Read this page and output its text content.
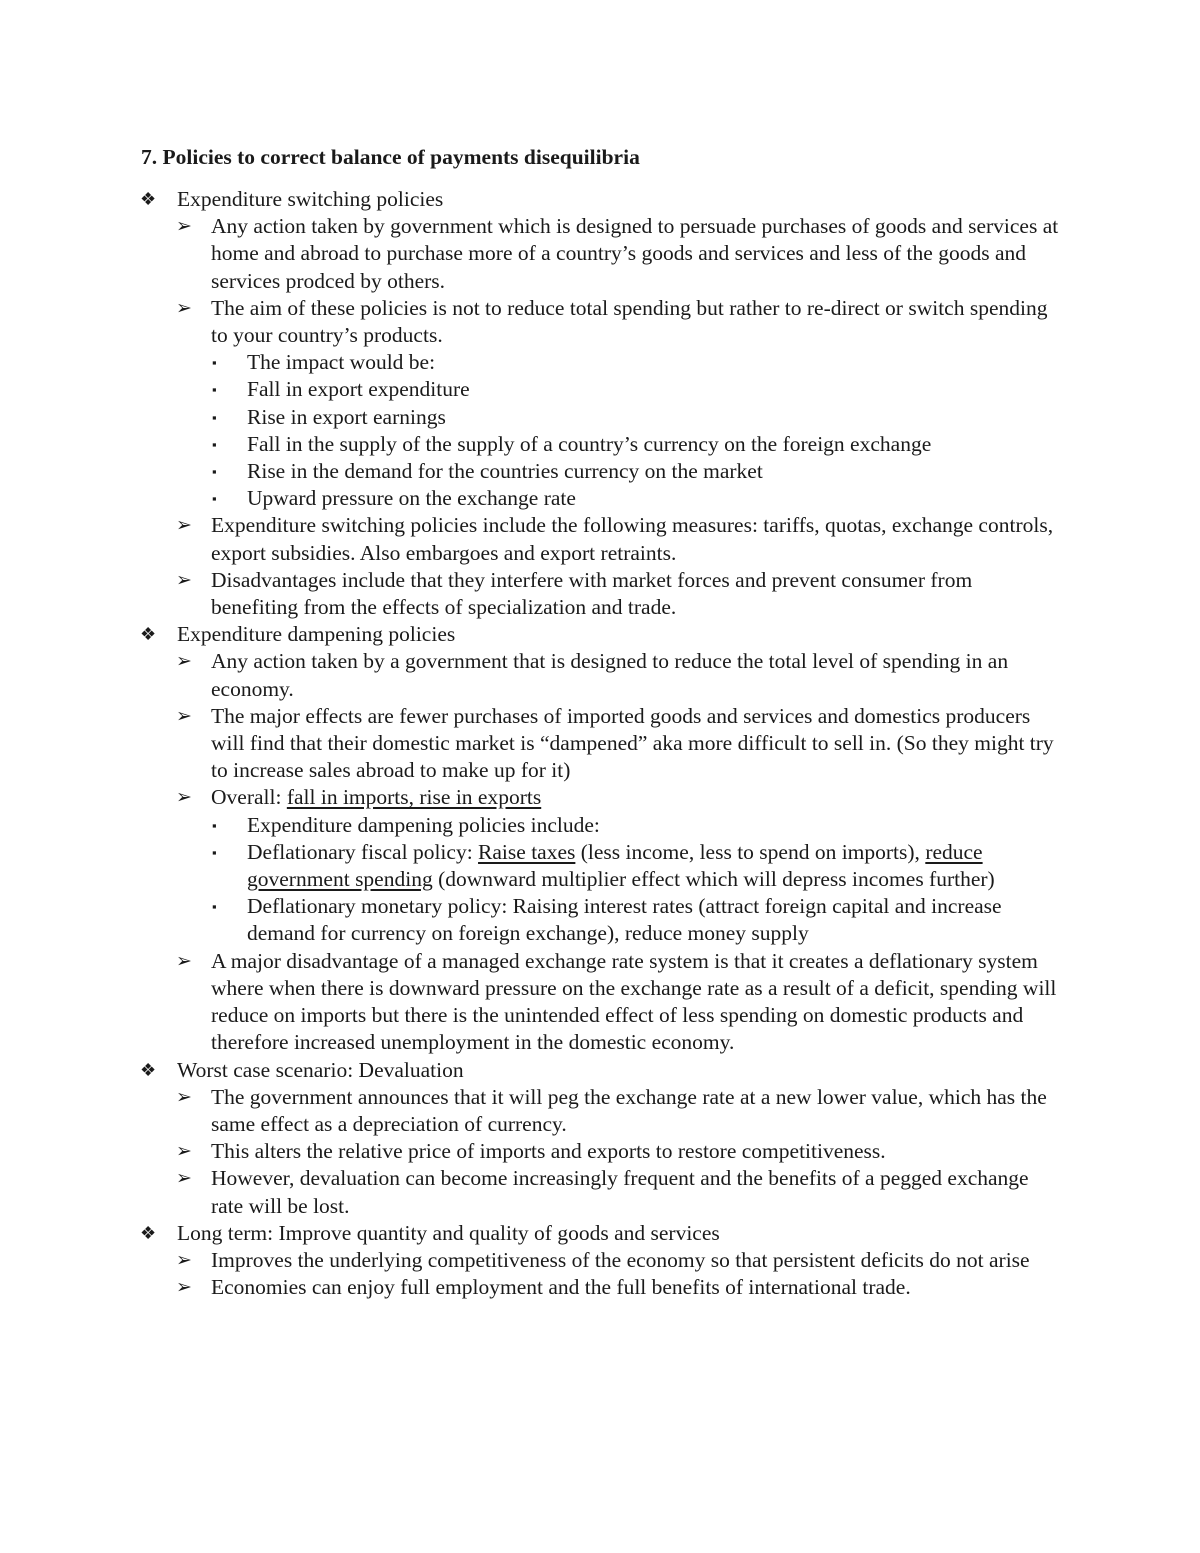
7. Policies to correct balance of payments disequilibria
❖ Expenditure switching policies
➢ Any action taken by government which is designed to persuade purchases of goods and services at home and abroad to purchase more of a country’s goods and services and less of the goods and services prodced by others.
➢ The aim of these policies is not to reduce total spending but rather to re-direct or switch spending to your country’s products.
▪ The impact would be:
▪ Fall in export expenditure
▪ Rise in export earnings
▪ Fall in the supply of the supply of a country’s currency on the foreign exchange
▪ Rise in the demand for the countries currency on the market
▪ Upward pressure on the exchange rate
➢ Expenditure switching policies include the following measures: tariffs, quotas, exchange controls, export subsidies. Also embargoes and export retraints.
➢ Disadvantages include that they interfere with market forces and prevent consumer from benefiting from the effects of specialization and trade.
❖ Expenditure dampening policies
➢ Any action taken by a government that is designed to reduce the total level of spending in an economy.
➢ The major effects are fewer purchases of imported goods and services and domestics producers will find that their domestic market is “dampened” aka more difficult to sell in. (So they might try to increase sales abroad to make up for it)
➢ Overall: fall in imports, rise in exports
▪ Expenditure dampening policies include:
▪ Deflationary fiscal policy: Raise taxes (less income, less to spend on imports), reduce government spending (downward multiplier effect which will depress incomes further)
▪ Deflationary monetary policy: Raising interest rates (attract foreign capital and increase demand for currency on foreign exchange), reduce money supply
➢ A major disadvantage of a managed exchange rate system is that it creates a deflationary system where when there is downward pressure on the exchange rate as a result of a deficit, spending will reduce on imports but there is the unintended effect of less spending on domestic products and therefore increased unemployment in the domestic economy.
❖ Worst case scenario: Devaluation
➢ The government announces that it will peg the exchange rate at a new lower value, which has the same effect as a depreciation of currency.
➢ This alters the relative price of imports and exports to restore competitiveness.
➢ However, devaluation can become increasingly frequent and the benefits of a pegged exchange rate will be lost.
❖ Long term: Improve quantity and quality of goods and services
➢ Improves the underlying competitiveness of the economy so that persistent deficits do not arise
➢ Economies can enjoy full employment and the full benefits of international trade.
